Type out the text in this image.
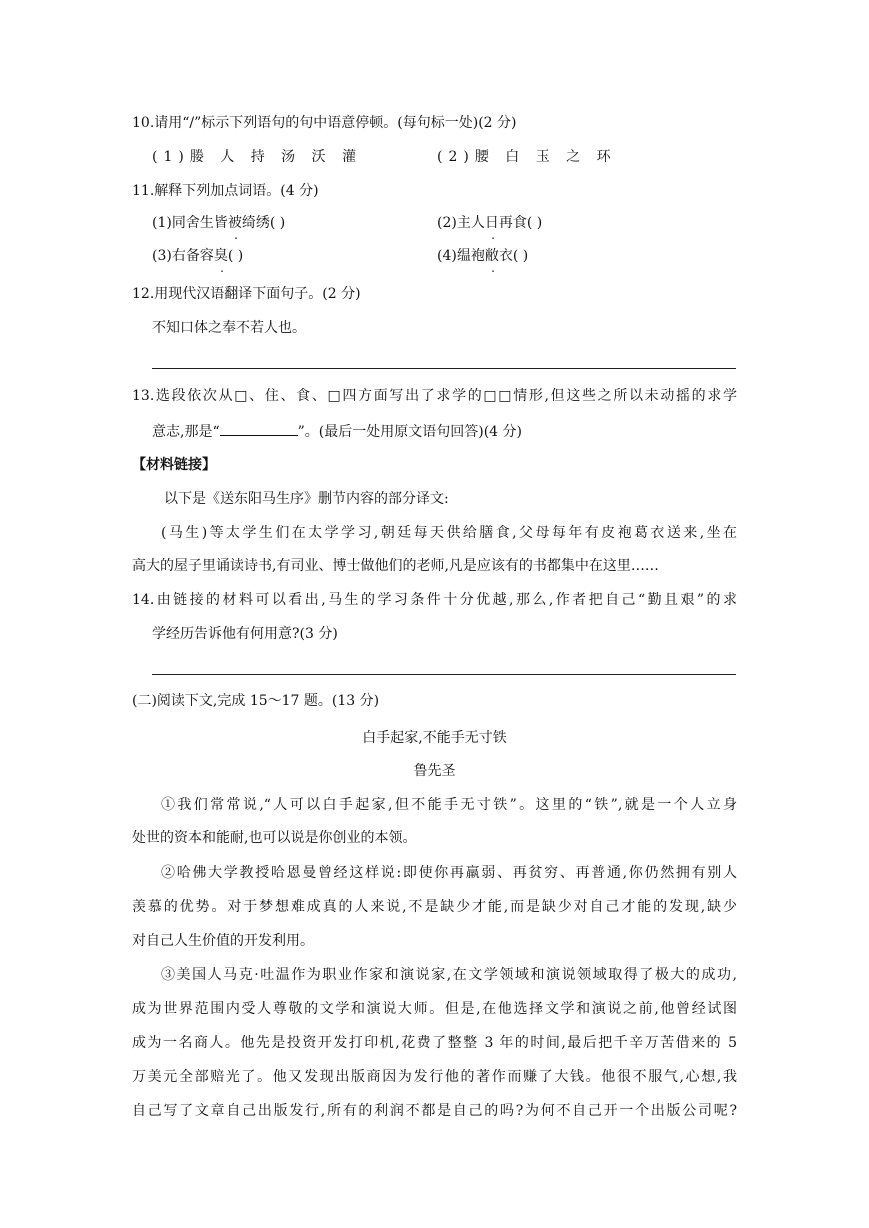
10.请用“/”标示下列语句的句中语意停顿。(每句标一处)(2 分)
(1)媵 人 持 汤 沃 灌	(2)腰 白 玉 之 环
11.解释下列加点词语。(4 分)
(1)同舍生皆被绮绣( )	(2)主人日再食( )
(3)右备容臭( )	(4)缊袍敝衣( )
12.用现代汉语翻译下面句子。(2 分)
不知口体之奉不若人也。
13.选段依次从□、住、食、□四方面写出了求学的□□情形,但这些之所以未动摇的求学
意志,那是“	”。(最后一处用原文语句回答)(4 分)
【材料链接】
以下是《送东阳马生序》删节内容的部分译文:
(马生)等太学生们在太学学习,朝廷每天供给膳食,父母每年有皮袍葛衣送来,坐在
高大的屋子里诵读诗书,有司业、博士做他们的老师,凡是应该有的书都集中在这里……
14.由链接的材料可以看出,马生的学习条件十分优越,那么,作者把自己“勤且艰”的求
学经历告诉他有何用意?(3 分)
(二)阅读下文,完成 15～17 题。(13 分)
白手起家,不能手无寸铁
鲁先圣
①我们常常说,“人可以白手起家,但不能手无寸铁”。这里的“铁”,就是一个人立身
处世的资本和能耐,也可以说是你创业的本领。
②哈佛大学教授哈恩曼曾经这样说:即使你再羸弱、再贫穷、再普通,你仍然拥有别人
羡慕的优势。对于梦想难成真的人来说,不是缺少才能,而是缺少对自己才能的发现,缺少
对自己人生价值的开发利用。
③美国人马克·吐温作为职业作家和演说家,在文学领域和演说领域取得了极大的成功,
成为世界范围内受人尊敬的文学和演说大师。但是,在他选择文学和演说之前,他曾经试图
成为一名商人。他先是投资开发打印机,花费了整整 3 年的时间,最后把千辛万苦借来的 5
万美元全部赔光了。他又发现出版商因为发行他的著作而赚了大钱。他很不服气,心想,我
自己写了文章自己出版发行,所有的利润不都是自己的吗?为何不自己开一个出版公司呢?
